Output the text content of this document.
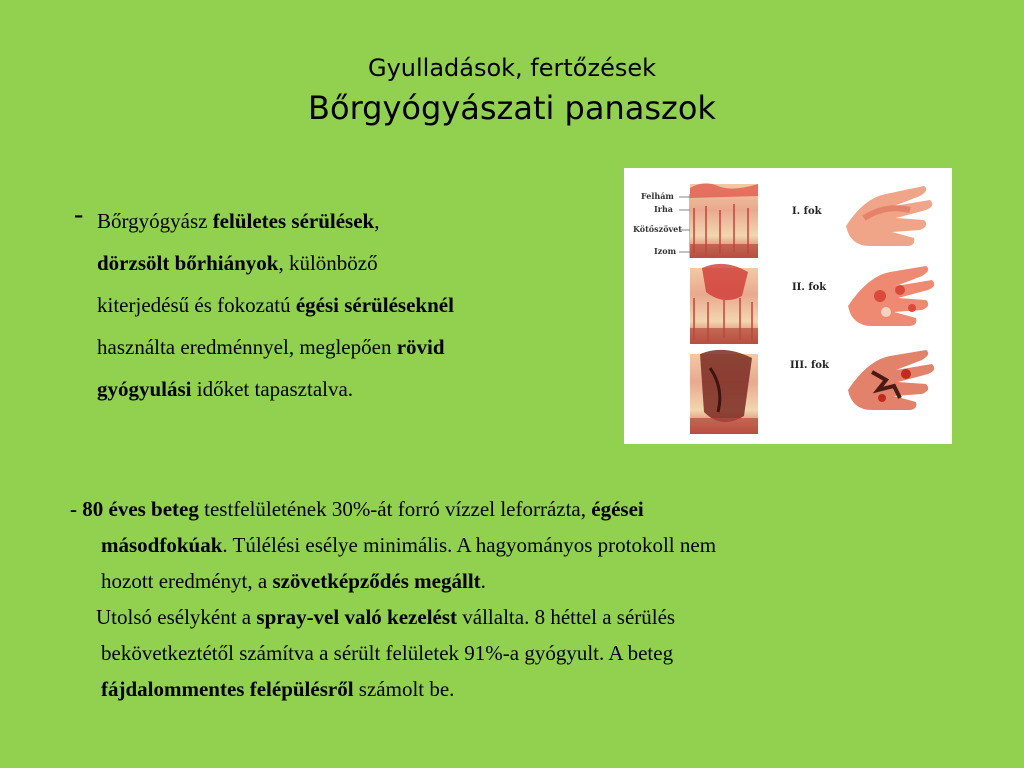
Gyulladások, fertőzések
Bőrgyógyászati panaszok
- Bőrgyógyász felületes sérülések,
dörzsölt bőrhiányok, különböző
kiterjedésű és fokozatú égési sérüléseknél
használta eredménnyel, meglepően rövid
gyógyulási időket tapasztalva.
Felhám
Irha
Kötőszövet
Izom
I. fok
II. fok
III. fok
- 80 éves beteg testfelületének 30%-át forró vízzel leforrázta, égései
másodfokúak. Túlélési esélye minimális. A hagyományos protokoll nem
hozott eredményt, a szövetképződés megállt.
Utolsó esélyként a spray-vel való kezelést vállalta. 8 héttel a sérülés
bekövetkeztétől számítva a sérült felületek 91%-a gyógyult. A beteg
fájdalommentes felépülésről számolt be.
